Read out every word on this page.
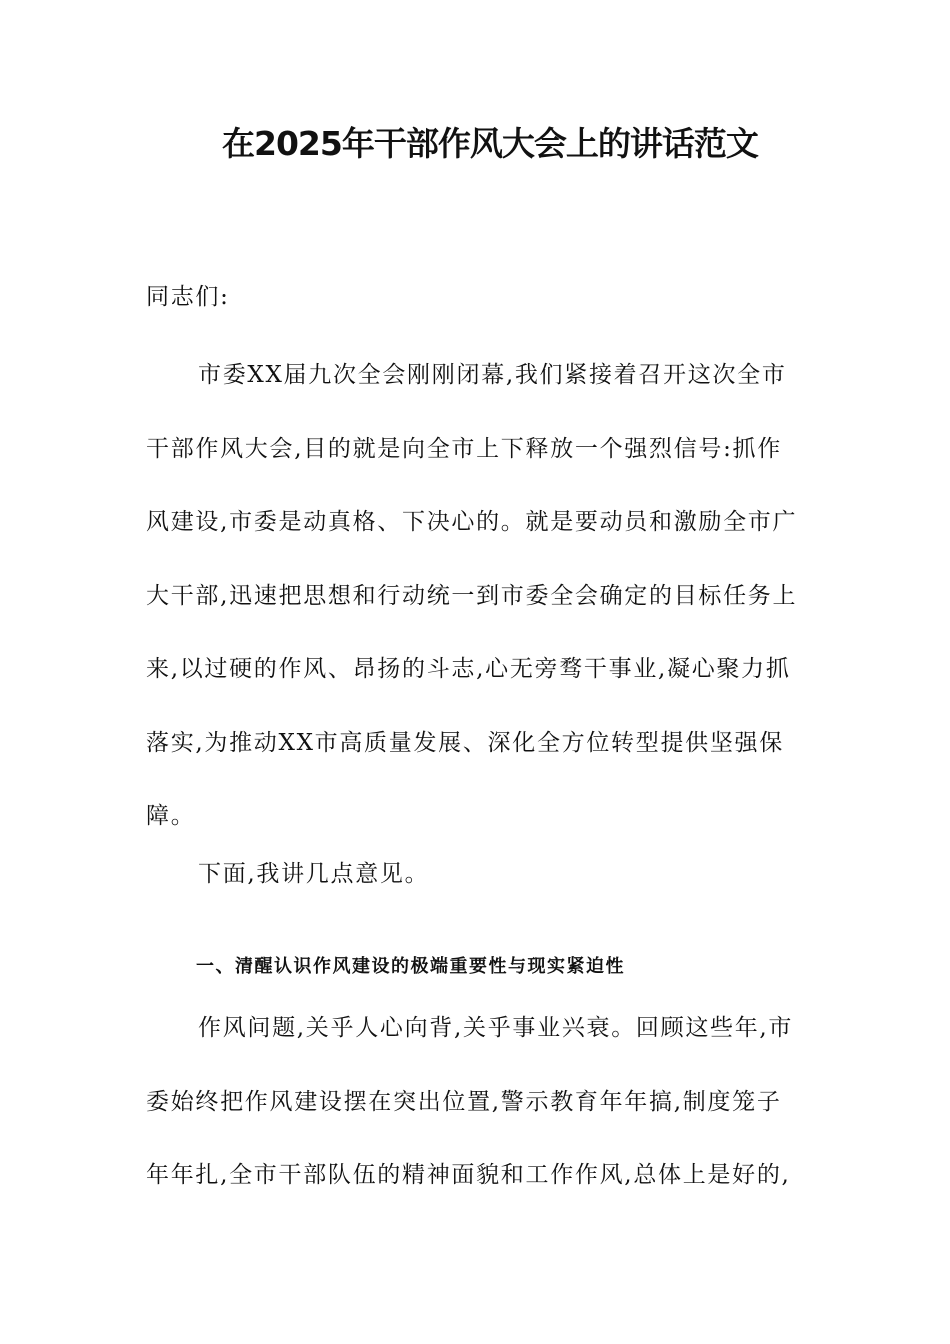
在2025年干部作风大会上的讲话范文
同志们:
市委XX届九次全会刚刚闭幕,我们紧接着召开这次全市干部作风大会,目的就是向全市上下释放一个强烈信号:抓作风建设,市委是动真格、下决心的。就是要动员和激励全市广大干部,迅速把思想和行动统一到市委全会确定的目标任务上来,以过硬的作风、昂扬的斗志,心无旁骛干事业,凝心聚力抓落实,为推动XX市高质量发展、深化全方位转型提供坚强保障。
下面,我讲几点意见。
一、清醒认识作风建设的极端重要性与现实紧迫性
作风问题,关乎人心向背,关乎事业兴衰。回顾这些年,市委始终把作风建设摆在突出位置,警示教育年年搞,制度笼子年年扎,全市干部队伍的精神面貌和工作作风,总体上是好的,
